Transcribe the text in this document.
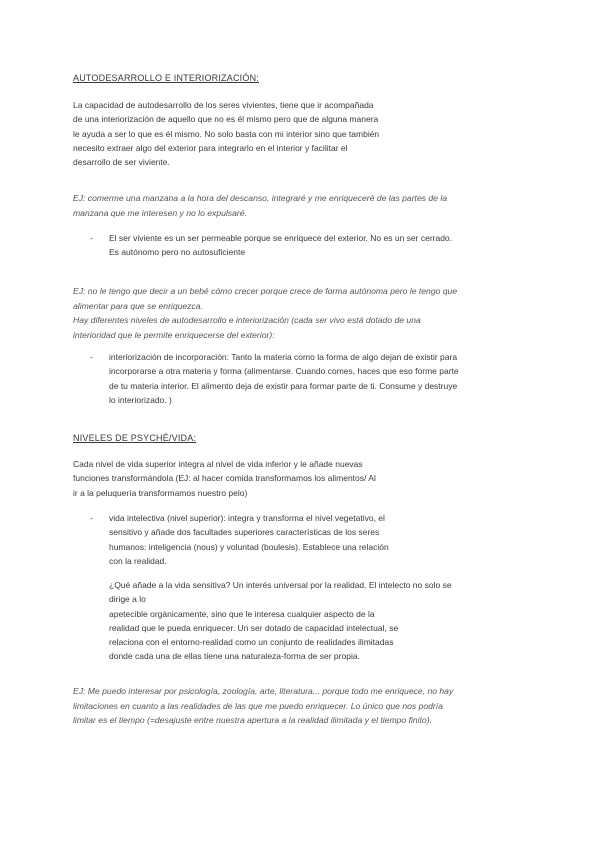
AUTODESARROLLO E INTERIORIZACIÓN:
La capacidad de autodesarrollo de los seres vivientes, tiene que ir acompañada
de una interiorización de aquello que no es él mismo pero que de alguna manera
le ayuda a ser lo que es él mismo. No solo basta con mi interior sino que también
necesito extraer algo del exterior para integrarlo en el interior y facilitar el
desarrollo de ser viviente.
EJ: comerme una manzana a la hora del descanso, integraré y me enriqueceré de las partes de la
manzana que me interesen y no lo expulsaré.
- El ser viviente es un ser permeable porque se enriquece del exterior. No es un ser cerrado.
Es autónomo pero no autosuficiente
EJ: no le tengo que decir a un bebé cómo crecer porque crece de forma autónoma pero le tengo que
alimentar para que se enriquezca.
Hay diferentes niveles de autodesarrollo e interiorización (cada ser vivo está dotado de una
interioridad que le permite enriquecerse del exterior):
- interiorización de incorporación: Tanto la materia como la forma de algo dejan de existir para
incorporarse a otra materia y forma (alimentarse. Cuando comes, haces que eso forme parte
de tu materia interior. El alimento deja de existir para formar parte de ti. Consume y destruye
lo interiorizado. )
NIVELES DE PSYCHÉ/VIDA:
Cada nivel de vida superior integra al nivel de vida inferior y le añade nuevas
funciones transformándola (EJ: al hacer comida transformamos los alimentos/ Al
ir a la peluquería transformamos nuestro pelo)
- vida intelectiva (nivel superior): integra y transforma el nivel vegetativo, el
sensitivo y añade dos facultades superiores características de los seres
humanos: inteligencia (nous) y voluntad (boulesis). Establece una relación
con la realidad.
¿Qué añade a la vida sensitiva? Un interés universal por la realidad. El intelecto no solo se
dirige a lo
apetecible orgánicamente, sino que le interesa cualquier aspecto de la
realidad que le pueda enriquecer. Un ser dotado de capacidad intelectual, se
relaciona con el entorno-realidad como un conjunto de realidades ilimitadas
donde cada una de ellas tiene una naturaleza-forma de ser propia.
EJ: Me puedo interesar por psicología, zoología, arte, literatura... porque todo me enriquece, no hay
limitaciones en cuanto a las realidades de las que me puedo enriquecer. Lo único que nos podría
limitar es el tiempo (=desajuste entre nuestra apertura a la realidad ilimitada y el tiempo finito).
